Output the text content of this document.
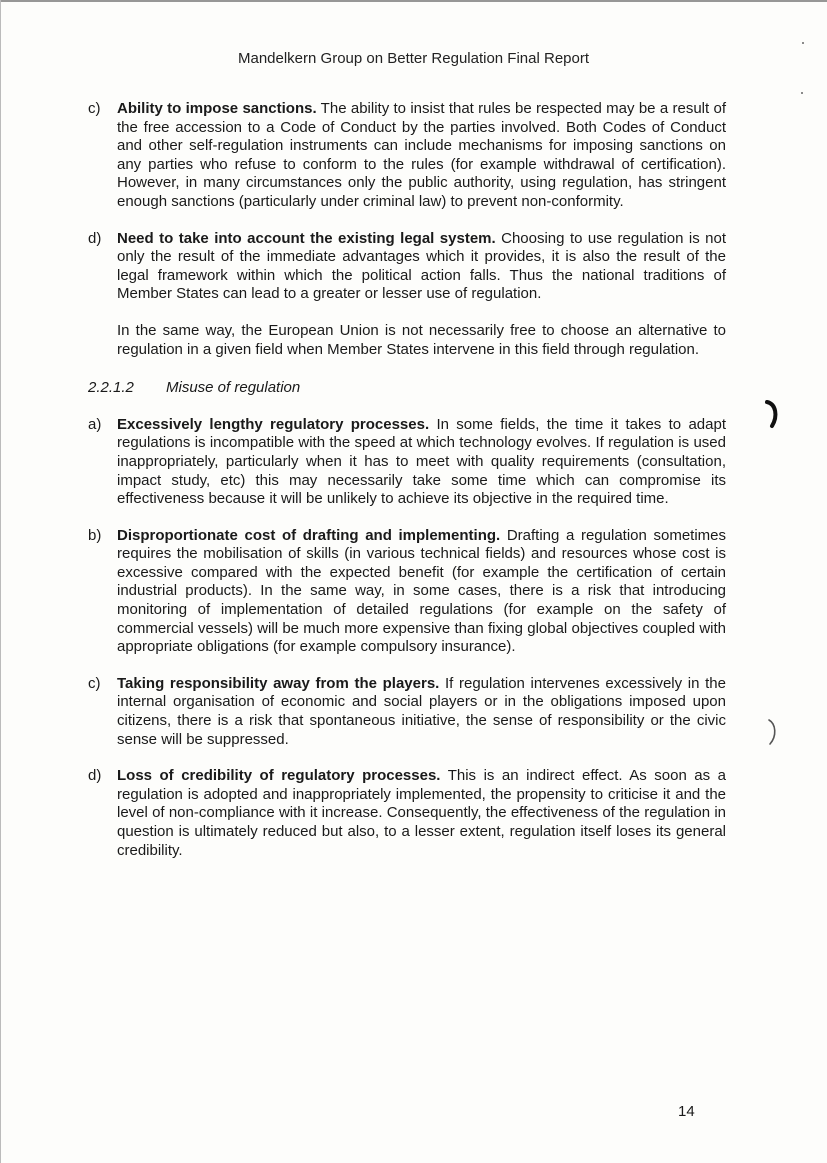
Mandelkern Group on Better Regulation Final Report
c) Ability to impose sanctions. The ability to insist that rules be respected may be a result of the free accession to a Code of Conduct by the parties involved. Both Codes of Conduct and other self-regulation instruments can include mechanisms for imposing sanctions on any parties who refuse to conform to the rules (for example withdrawal of certification). However, in many circumstances only the public authority, using regulation, has stringent enough sanctions (particularly under criminal law) to prevent non-conformity.
d) Need to take into account the existing legal system. Choosing to use regulation is not only the result of the immediate advantages which it provides, it is also the result of the legal framework within which the political action falls. Thus the national traditions of Member States can lead to a greater or lesser use of regulation.
In the same way, the European Union is not necessarily free to choose an alternative to regulation in a given field when Member States intervene in this field through regulation.
2.2.1.2 Misuse of regulation
a) Excessively lengthy regulatory processes. In some fields, the time it takes to adapt regulations is incompatible with the speed at which technology evolves. If regulation is used inappropriately, particularly when it has to meet with quality requirements (consultation, impact study, etc) this may necessarily take some time which can compromise its effectiveness because it will be unlikely to achieve its objective in the required time.
b) Disproportionate cost of drafting and implementing. Drafting a regulation sometimes requires the mobilisation of skills (in various technical fields) and resources whose cost is excessive compared with the expected benefit (for example the certification of certain industrial products). In the same way, in some cases, there is a risk that introducing monitoring of implementation of detailed regulations (for example on the safety of commercial vessels) will be much more expensive than fixing global objectives coupled with appropriate obligations (for example compulsory insurance).
c) Taking responsibility away from the players. If regulation intervenes excessively in the internal organisation of economic and social players or in the obligations imposed upon citizens, there is a risk that spontaneous initiative, the sense of responsibility or the civic sense will be suppressed.
d) Loss of credibility of regulatory processes. This is an indirect effect. As soon as a regulation is adopted and inappropriately implemented, the propensity to criticise it and the level of non-compliance with it increase. Consequently, the effectiveness of the regulation in question is ultimately reduced but also, to a lesser extent, regulation itself loses its general credibility.
14
